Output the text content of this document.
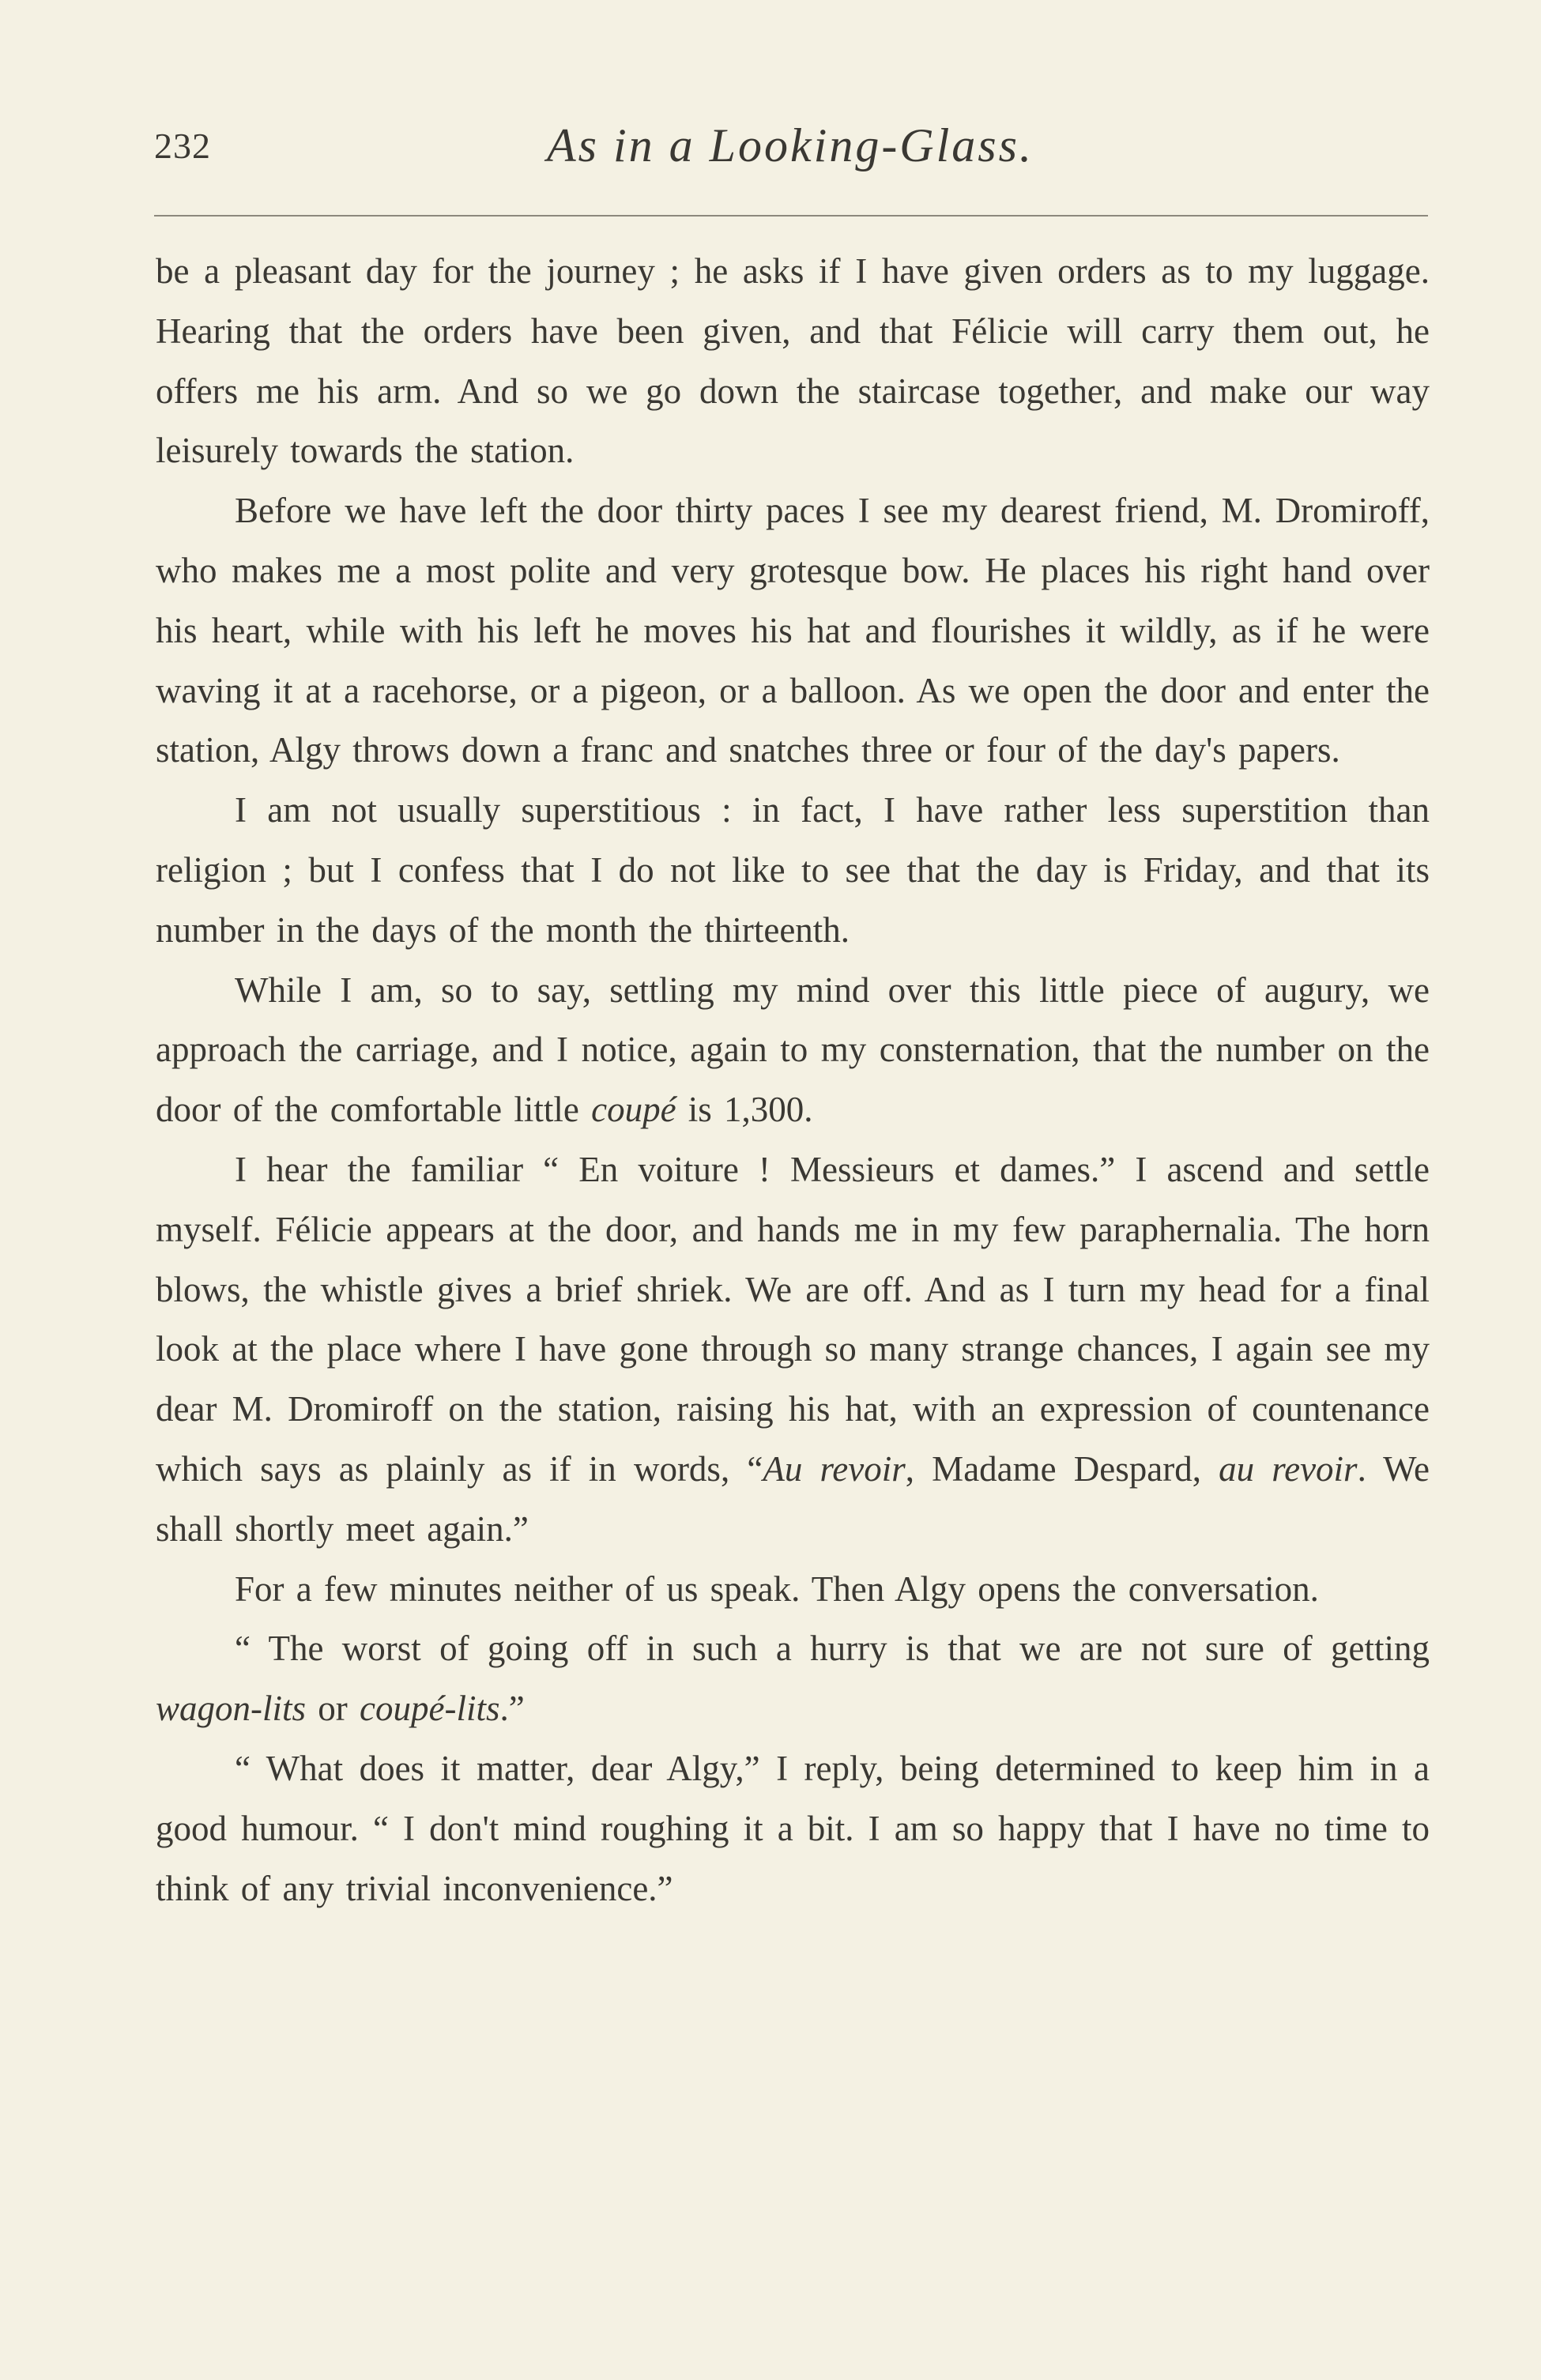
232	As in a Looking-Glass.

be a pleasant day for the journey ; he asks if I have given orders as to my luggage. Hearing that the orders have been given, and that Félicie will carry them out, he offers me his arm. And so we go down the staircase together, and make our way leisurely towards the station.

Before we have left the door thirty paces I see my dearest friend, M. Dromiroff, who makes me a most polite and very grotesque bow. He places his right hand over his heart, while with his left he moves his hat and flourishes it wildly, as if he were waving it at a racehorse, or a pigeon, or a balloon. As we open the door and enter the station, Algy throws down a franc and snatches three or four of the day's papers.

I am not usually superstitious : in fact, I have rather less superstition than religion ; but I confess that I do not like to see that the day is Friday, and that its number in the days of the month the thirteenth.

While I am, so to say, settling my mind over this little piece of augury, we approach the carriage, and I notice, again to my consternation, that the number on the door of the comfortable little coupé is 1,300.

I hear the familiar “ En voiture ! Messieurs et dames.” I ascend and settle myself. Félicie appears at the door, and hands me in my few paraphernalia. The horn blows, the whistle gives a brief shriek. We are off. And as I turn my head for a final look at the place where I have gone through so many strange chances, I again see my dear M. Dromiroff on the station, raising his hat, with an expression of countenance which says as plainly as if in words, “Au revoir, Madame Despard, au revoir. We shall shortly meet again.”

For a few minutes neither of us speak. Then Algy opens the conversation.

“ The worst of going off in such a hurry is that we are not sure of getting wagon-lits or coupé-lits.”

“ What does it matter, dear Algy,” I reply, being determined to keep him in a good humour. “ I don't mind roughing it a bit. I am so happy that I have no time to think of any trivial inconvenience.”
